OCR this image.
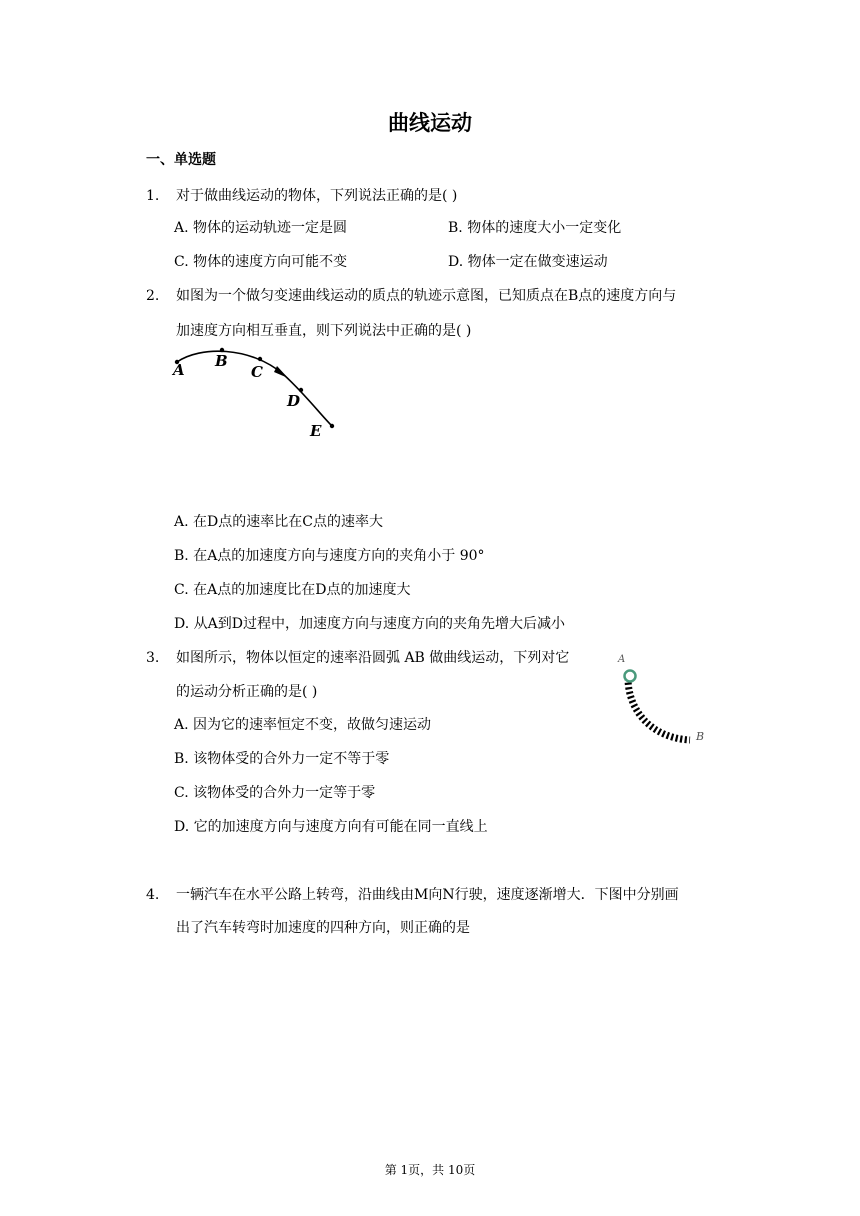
曲线运动
一、单选题
1. 对于做曲线运动的物体，下列说法正确的是( )
A. 物体的运动轨迹一定是圆	B. 物体的速度大小一定变化
C. 物体的速度方向可能不变	D. 物体一定在做变速运动
2. 如图为一个做匀变速曲线运动的质点的轨迹示意图，已知质点在B点的速度方向与
加速度方向相互垂直，则下列说法中正确的是( )
A B
C
D
E
A. 在D点的速率比在C点的速率大
B. 在A点的加速度方向与速度方向的夹角小于 90°
C. 在A点的加速度比在D点的加速度大
D. 从A到D过程中，加速度方向与速度方向的夹角先增大后减小
3. 如图所示，物体以恒定的速率沿圆弧 AB 做曲线运动，下列对它
的运动分析正确的是( )
A
B
A. 因为它的速率恒定不变，故做匀速运动
B. 该物体受的合外力一定不等于零
C. 该物体受的合外力一定等于零
D. 它的加速度方向与速度方向有可能在同一直线上
4. 一辆汽车在水平公路上转弯，沿曲线由M向N行驶，速度逐渐增大．下图中分别画
出了汽车转弯时加速度的四种方向，则正确的是
第 1页，共 10页
